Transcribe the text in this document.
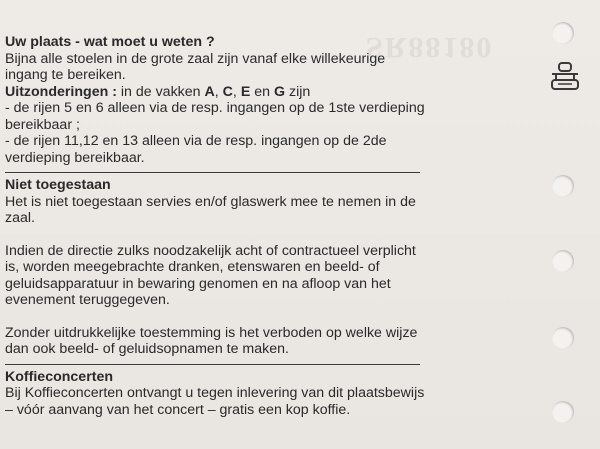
SR88180

Uw plaats - wat moet u weten ?

Bijna alle stoelen in de grote zaal zijn vanaf elke willekeurige ingang te bereiken.

Uitzonderingen : in de vakken A, C, E en G zijn

- de rijen 5 en 6 alleen via de resp. ingangen op de 1ste verdieping bereikbaar ;

- de rijen 11,12 en 13 alleen via de resp. ingangen op de 2de verdieping bereikbaar.

Niet toegestaan

Het is niet toegestaan servies en/of glaswerk mee te nemen in de zaal.

Indien de directie zulks noodzakelijk acht of contractueel verplicht is, worden meegebrachte dranken, etenswaren en beeld- of geluidsapparatuur in bewaring genomen en na afloop van het evenement teruggegeven.

Zonder uitdrukkelijke toestemming is het verboden op welke wijze dan ook beeld- of geluidsopnamen te maken.

Koffieconcerten

Bij Koffieconcerten ontvangt u tegen inlevering van dit plaatsbewijs – vóór aanvang van het concert – gratis een kop koffie.
